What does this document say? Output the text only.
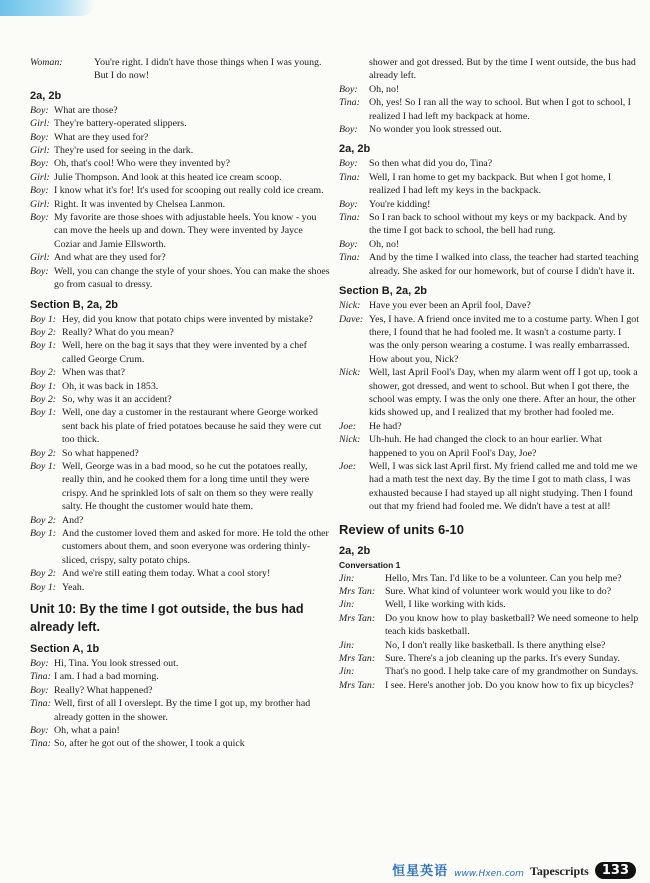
Woman:	You're right. I didn't have those things when I was young. But I do now!
2a, 2b
Boy: What are those?
Girl: They're battery-operated slippers.
Boy: What are they used for?
Girl: They're used for seeing in the dark.
Boy: Oh, that's cool! Who were they invented by?
Girl: Julie Thompson. And look at this heated ice cream scoop.
Boy: I know what it's for! It's used for scooping out really cold ice cream.
Girl: Right. It was invented by Chelsea Lanmon.
Boy: My favorite are those shoes with adjustable heels. You know - you can move the heels up and down. They were invented by Jayce Coziar and Jamie Ellsworth.
Girl: And what are they used for?
Boy: Well, you can change the style of your shoes. You can make the shoes go from casual to dressy.
Section B, 2a, 2b
Boy 1: Hey, did you know that potato chips were invented by mistake?
Boy 2: Really? What do you mean?
Boy 1: Well, here on the bag it says that they were invented by a chef called George Crum.
Boy 2: When was that?
Boy 1: Oh, it was back in 1853.
Boy 2: So, why was it an accident?
Boy 1: Well, one day a customer in the restaurant where George worked sent back his plate of fried potatoes because he said they were cut too thick.
Boy 2: So what happened?
Boy 1: Well, George was in a bad mood, so he cut the potatoes really, really thin, and he cooked them for a long time until they were crispy. And he sprinkled lots of salt on them so they were really salty. He thought the customer would hate them.
Boy 2: And?
Boy 1: And the customer loved them and asked for more. He told the other customers about them, and soon everyone was ordering thinly-sliced, crispy, salty potato chips.
Boy 2: And we're still eating them today. What a cool story!
Boy 1: Yeah.
Unit 10: By the time I got outside, the bus had already left.
Section A, 1b
Boy: Hi, Tina. You look stressed out.
Tina: I am. I had a bad morning.
Boy: Really? What happened?
Tina: Well, first of all I overslept. By the time I got up, my brother had already gotten in the shower.
Boy: Oh, what a pain!
Tina: So, after he got out of the shower, I took a quick
shower and got dressed. But by the time I went outside, the bus had already left.
Boy:	Oh, no!
Tina: Oh, yes! So I ran all the way to school. But when I got to school, I realized I had left my backpack at home.
Boy:	No wonder you look stressed out.
2a, 2b
Boy:	So then what did you do, Tina?
Tina: Well, I ran home to get my backpack. But when I got home, I realized I had left my keys in the backpack.
Boy:	You're kidding!
Tina: So I ran back to school without my keys or my backpack. And by the time I got back to school, the bell had rung.
Boy:	Oh, no!
Tina: And by the time I walked into class, the teacher had started teaching already. She asked for our homework, but of course I didn't have it.
Section B, 2a, 2b
Nick: Have you ever been an April fool, Dave?
Dave: Yes, I have. A friend once invited me to a costume party. When I got there, I found that he had fooled me. It wasn't a costume party. I was the only person wearing a costume. I was really embarrassed. How about you, Nick?
Nick: Well, last April Fool's Day, when my alarm went off I got up, took a shower, got dressed, and went to school. But when I got there, the school was empty. I was the only one there. After an hour, the other kids showed up, and I realized that my brother had fooled me.
Joe:	He had?
Nick: Uh-huh. He had changed the clock to an hour earlier. What happened to you on April Fool's Day, Joe?
Joe:	Well, I was sick last April first. My friend called me and told me we had a math test the next day. By the time I got to math class, I was exhausted because I had stayed up all night studying. Then I found out that my friend had fooled me. We didn't have a test at all!
Review of units 6-10
2a, 2b
Conversation 1
Jin:	Hello, Mrs Tan. I'd like to be a volunteer. Can you help me?
Mrs Tan: Sure. What kind of volunteer work would you like to do?
Jin:	Well, I like working with kids.
Mrs Tan: Do you know how to play basketball? We need someone to help teach kids basketball.
Jin:	No, I don't really like basketball. Is there anything else?
Mrs Tan: Sure. There's a job cleaning up the parks. It's every Sunday.
Jin:	That's no good. I help take care of my grandmother on Sundays.
Mrs Tan: I see. Here's another job. Do you know how to fix up bicycles?
恒星英语 www.Hxen.com Tapescripts	133
